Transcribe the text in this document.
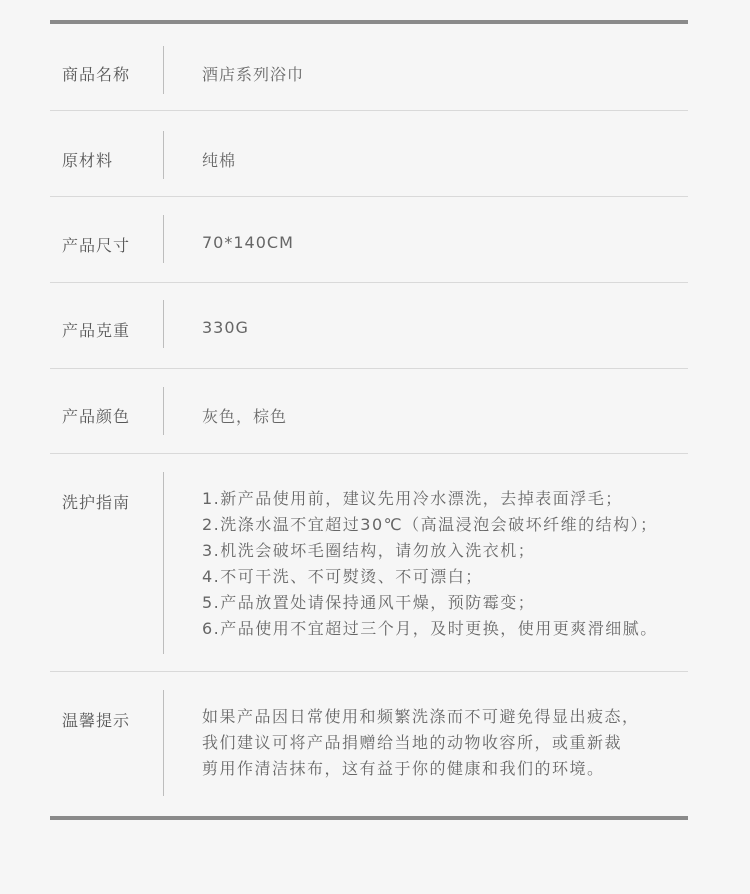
商品名称	酒店系列浴巾
原材料	纯棉
产品尺寸	70*140CM
产品克重	330G
产品颜色	灰色，棕色
洗护指南	1.新产品使用前，建议先用冷水漂洗，去掉表面浮毛；
2.洗涤水温不宜超过30℃（高温浸泡会破坏纤维的结构）；
3.机洗会破坏毛圈结构，请勿放入洗衣机；
4.不可干洗、不可熨烫、不可漂白；
5.产品放置处请保持通风干燥，预防霉变；
6.产品使用不宜超过三个月，及时更换，使用更爽滑细腻。
温馨提示	如果产品因日常使用和频繁洗涤而不可避免得显出疲态，
我们建议可将产品捐赠给当地的动物收容所，或重新裁
剪用作清洁抹布，这有益于你的健康和我们的环境。
